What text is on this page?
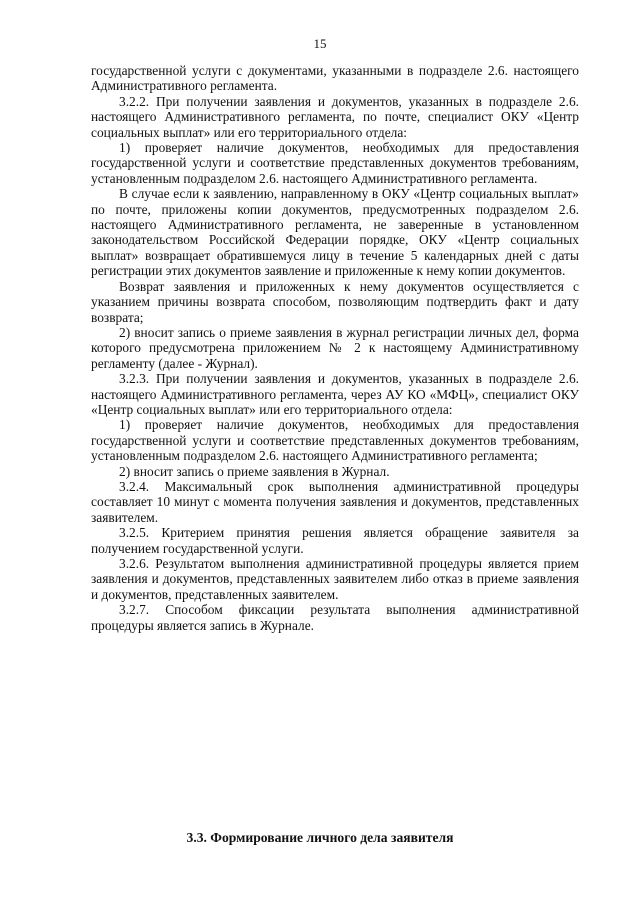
15

государственной услуги с документами, указанными в подразделе 2.6. настоящего Административного регламента.

3.2.2. При получении заявления и документов, указанных в подразделе 2.6. настоящего Административного регламента, по почте, специалист ОКУ «Центр социальных выплат» или его территориального отдела:

1) проверяет наличие документов, необходимых для предоставления государственной услуги и соответствие представленных документов требованиям, установленным подразделом 2.6. настоящего Административного регламента.

В случае если к заявлению, направленному в ОКУ «Центр социальных выплат» по почте, приложены копии документов, предусмотренных подразделом 2.6. настоящего Административного регламента, не заверенные в установленном законодательством Российской Федерации порядке, ОКУ «Центр социальных выплат» возвращает обратившемуся лицу в течение 5 календарных дней с даты регистрации этих документов заявление и приложенные к нему копии документов.

Возврат заявления и приложенных к нему документов осуществляется с указанием причины возврата способом, позволяющим подтвердить факт и дату возврата;

2) вносит запись о приеме заявления в журнал регистрации личных дел, форма которого предусмотрена приложением № 2 к настоящему Административному регламенту (далее - Журнал).

3.2.3. При получении заявления и документов, указанных в подразделе 2.6. настоящего Административного регламента, через АУ КО «МФЦ», специалист ОКУ «Центр социальных выплат» или его территориального отдела:

1) проверяет наличие документов, необходимых для предоставления государственной услуги и соответствие представленных документов требованиям, установленным подразделом 2.6. настоящего Административного регламента;

2) вносит запись о приеме заявления в Журнал.

3.2.4. Максимальный срок выполнения административной процедуры составляет 10 минут с момента получения заявления и документов, представленных заявителем.

3.2.5. Критерием принятия решения является обращение заявителя за получением государственной услуги.

3.2.6. Результатом выполнения административной процедуры является прием заявления и документов, представленных заявителем либо отказ в приеме заявления и документов, представленных заявителем.

3.2.7. Способом фиксации результата выполнения административной процедуры является запись в Журнале.

3.3. Формирование личного дела заявителя
